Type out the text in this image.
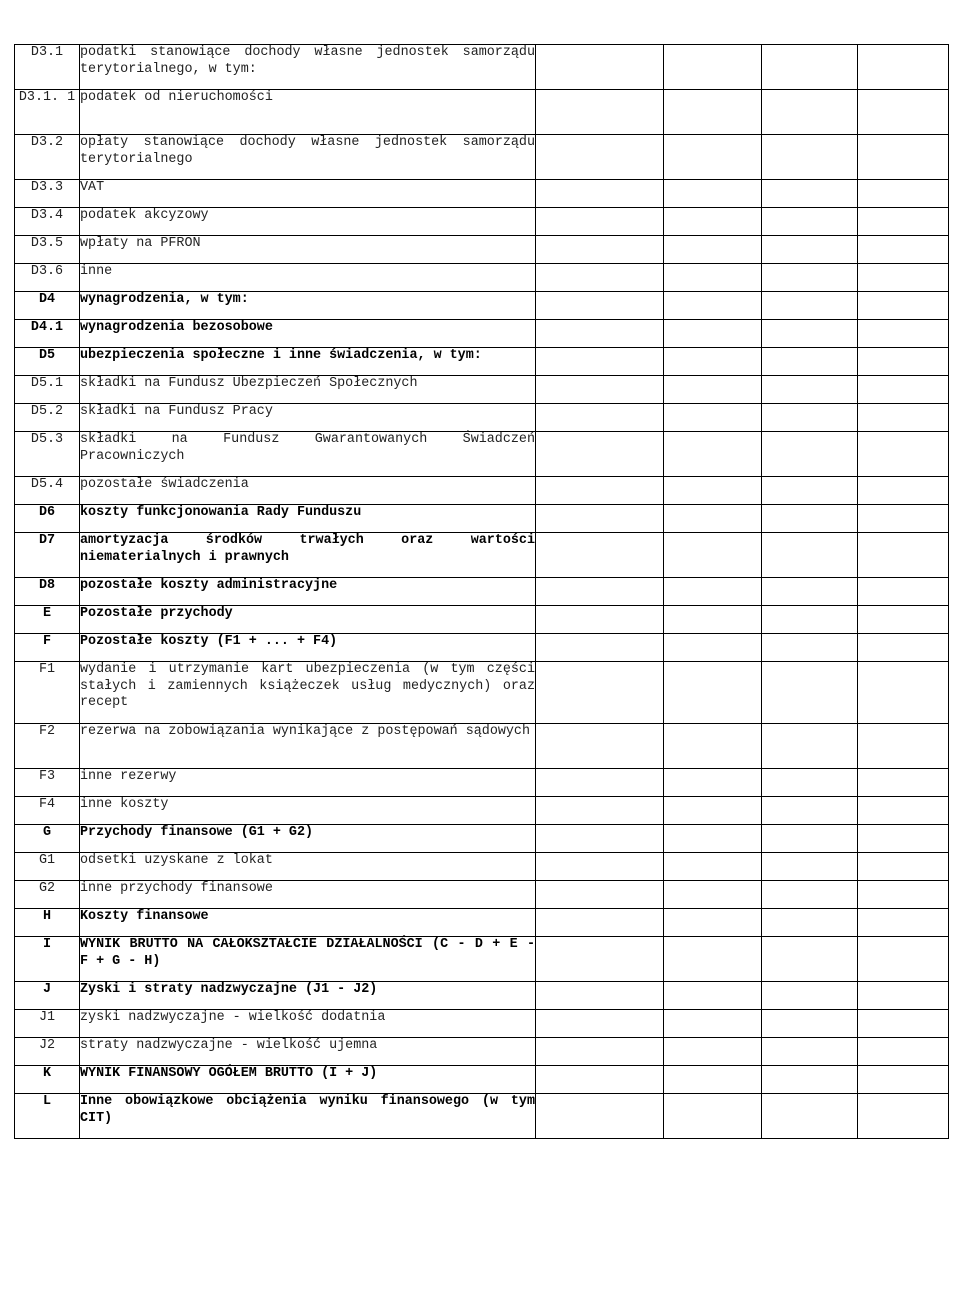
D3.1	podatki stanowiące dochody własne jednostek samorządu terytorialnego, w tym:				
D3.1. 1	podatek od nieruchomości				
D3.2	opłaty stanowiące dochody własne jednostek samorządu terytorialnego				
D3.3	VAT				
D3.4	podatek akcyzowy				
D3.5	wpłaty na PFRON				
D3.6	inne				
D4	wynagrodzenia, w tym:				
D4.1	wynagrodzenia bezosobowe				
D5	ubezpieczenia społeczne i inne świadczenia, w tym:				
D5.1	składki na Fundusz Ubezpieczeń Społecznych				
D5.2	składki na Fundusz Pracy				
D5.3	składki na Fundusz Gwarantowanych Świadczeń Pracowniczych				
D5.4	pozostałe świadczenia				
D6	koszty funkcjonowania Rady Funduszu				
D7	amortyzacja środków trwałych oraz wartości niematerialnych i prawnych				
D8	pozostałe koszty administracyjne				
E	Pozostałe przychody				
F	Pozostałe koszty (F1 + ... + F4)				
F1	wydanie i utrzymanie kart ubezpieczenia (w tym części stałych i zamiennych książeczek usług medycznych) oraz recept				
F2	rezerwa na zobowiązania wynikające z postępowań sądowych				
F3	inne rezerwy				
F4	inne koszty				
G	Przychody finansowe (G1 + G2)				
G1	odsetki uzyskane z lokat				
G2	inne przychody finansowe				
H	Koszty finansowe				
I	WYNIK BRUTTO NA CAŁOKSZTAŁCIE DZIAŁALNOŚCI (C - D + E - F + G - H)				
J	Zyski i straty nadzwyczajne (J1 - J2)				
J1	zyski nadzwyczajne - wielkość dodatnia				
J2	straty nadzwyczajne - wielkość ujemna				
K	WYNIK FINANSOWY OGÓŁEM BRUTTO (I + J)				
L	Inne obowiązkowe obciążenia wyniku finansowego (w tym CIT)				
